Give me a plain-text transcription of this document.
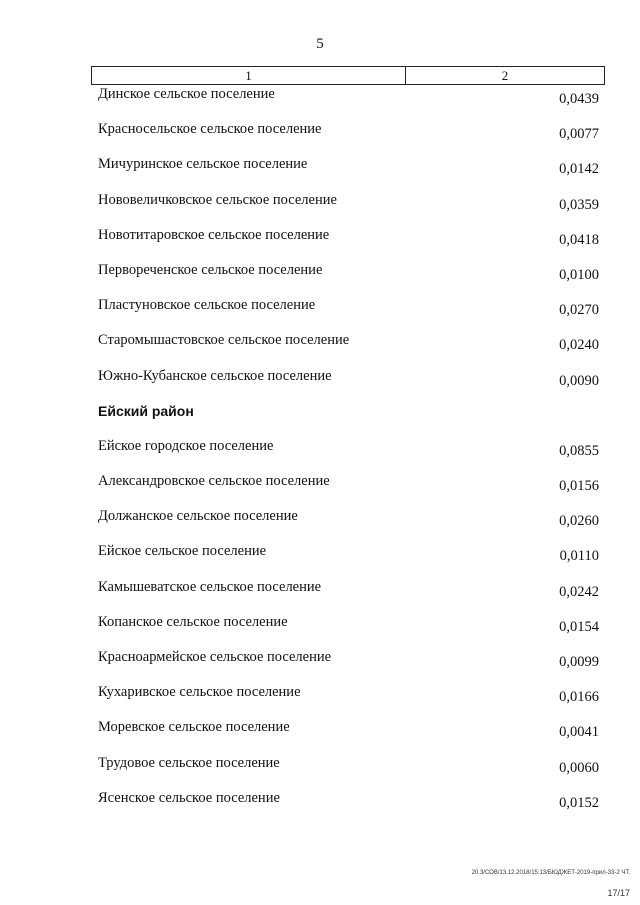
5
1	2
Динское сельское поселение	0,0439
Красносельское сельское поселение	0,0077
Мичуринское сельское поселение	0,0142
Нововеличковское сельское поселение	0,0359
Новотитаровское сельское поселение	0,0418
Первореченское сельское поселение	0,0100
Пластуновское сельское поселение	0,0270
Старомышастовское сельское поселение	0,0240
Южно-Кубанское сельское поселение	0,0090
Ейский район
Ейское городское поселение	0,0855
Александровское сельское поселение	0,0156
Должанское сельское поселение	0,0260
Ейское сельское поселение	0,0110
Камышеватское сельское поселение	0,0242
Копанское сельское поселение	0,0154
Красноармейское сельское поселение	0,0099
Кухаривское сельское поселение	0,0166
Моревское сельское поселение	0,0041
Трудовое сельское поселение	0,0060
Ясенское сельское поселение	0,0152
20.3/СОВ/13.12.2018/15:13/БЮДЖЕТ-2019-прил-33-2 ЧТ.
17/17
